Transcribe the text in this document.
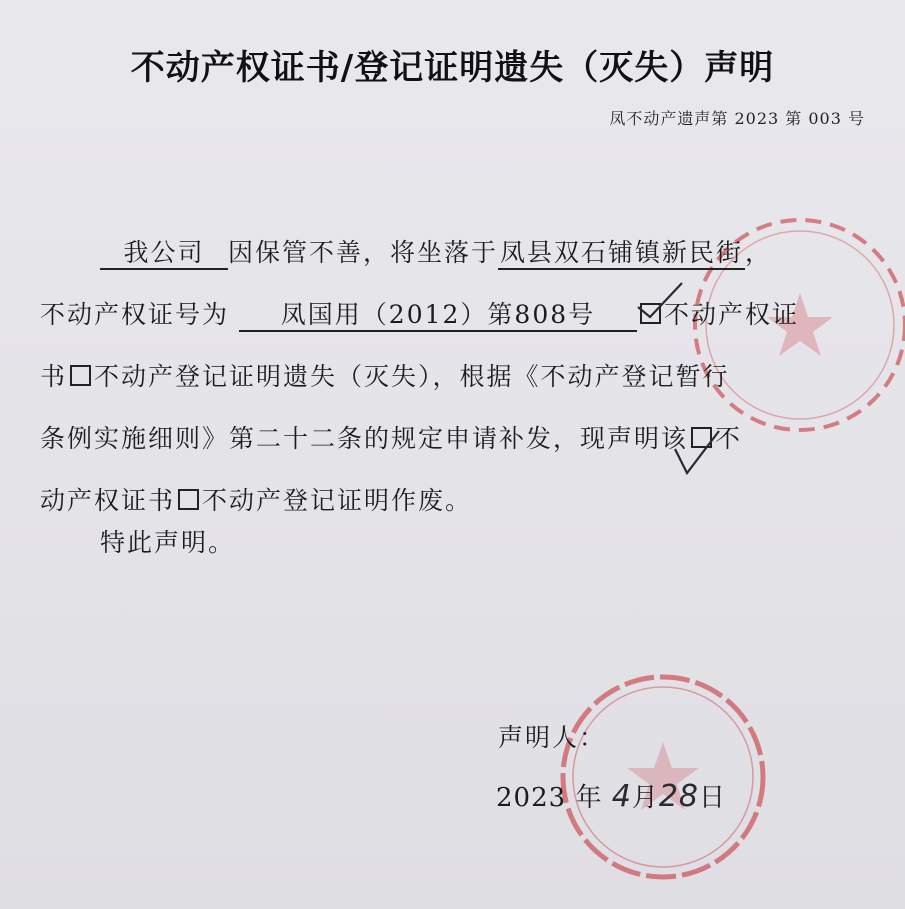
不动产权证书/登记证明遗失（灭失）声明
凤不动产遗声第 2023 第 003 号
我公司 因保管不善，将坐落于凤县双石铺镇新民街，
不动产权证号为 凤国用（2012）第808号	不动产权证
书 不动产登记证明遗失（灭失），根据《不动产登记暂行
条例实施细则》第二十二条的规定申请补发，现声明该 不
动产权证书 不动产登记证明作废。
特此声明。
声明人：
2023 年 4月28日
